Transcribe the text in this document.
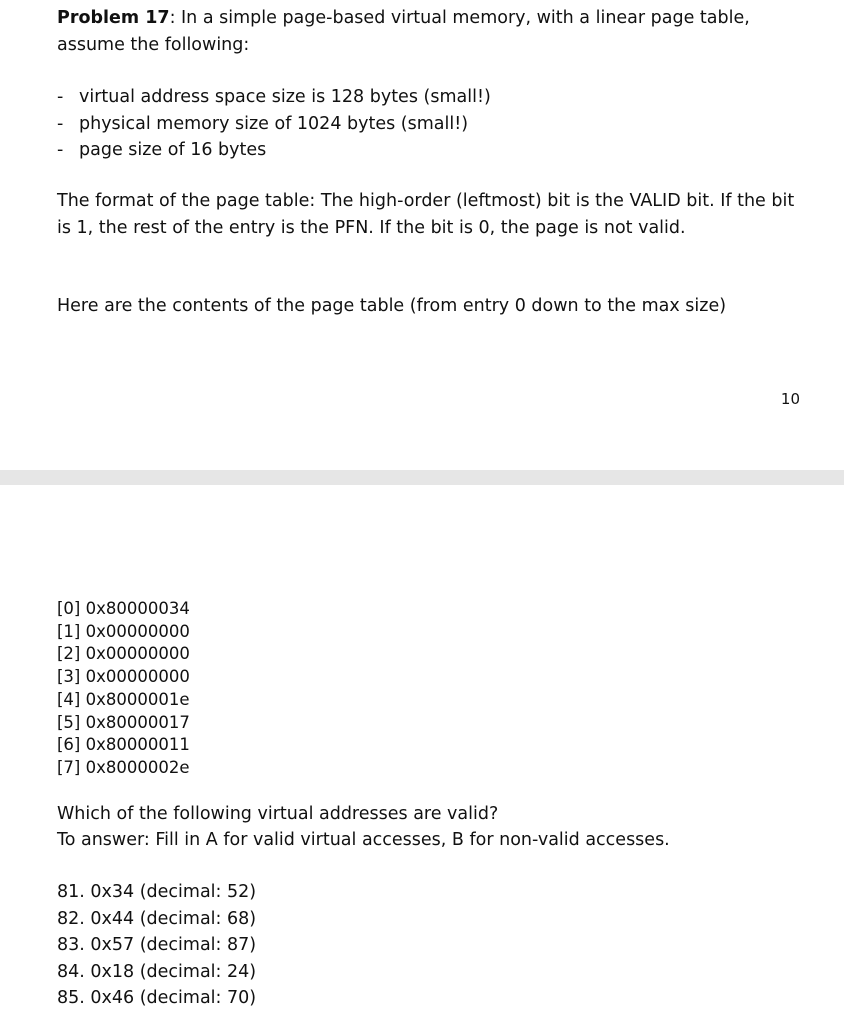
Problem 17: In a simple page-based virtual memory, with a linear page table, assume the following:

- virtual address space size is 128 bytes (small!)
- physical memory size of 1024 bytes (small!)
- page size of 16 bytes

The format of the page table: The high-order (leftmost) bit is the VALID bit. If the bit is 1, the rest of the entry is the PFN. If the bit is 0, the page is not valid.

Here are the contents of the page table (from entry 0 down to the max size)

10
[0] 0x80000034
[1] 0x00000000
[2] 0x00000000
[3] 0x00000000
[4] 0x8000001e
[5] 0x80000017
[6] 0x80000011
[7] 0x8000002e

Which of the following virtual addresses are valid?

To answer: Fill in A for valid virtual accesses, B for non-valid accesses.

81. 0x34 (decimal: 52)
82. 0x44 (decimal: 68)
83. 0x57 (decimal: 87)
84. 0x18 (decimal: 24)
85. 0x46 (decimal: 70)
